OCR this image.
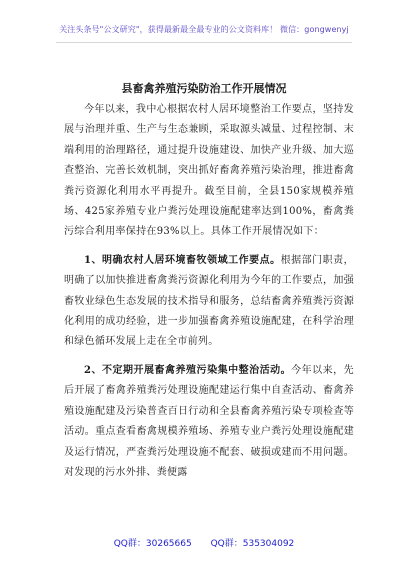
关注头条号"公文研究"，获得最新最全最专业的公文资料库！ 微信：gongwenyj
县畜禽养殖污染防治工作开展情况

今年以来，我中心根据农村人居环境整治工作要点，坚持发展与治理并重、生产与生态兼顾，采取源头减量、过程控制、末端利用的治理路径，通过提升设施建设、加快产业升级、加大巡查整治、完善长效机制，突出抓好畜禽养殖污染治理，推进畜禽粪污资源化利用水平再提升。截至目前，全县150家规模养殖场、425家养殖专业户粪污处理设施配建率达到100%，畜禽粪污综合利用率保持在93%以上。具体工作开展情况如下：

1、明确农村人居环境畜牧领域工作要点。根据部门职责，明确了以加快推进畜禽粪污资源化利用为今年的工作要点，加强畜牧业绿色生态发展的技术指导和服务，总结畜禽养殖粪污资源化利用的成功经验，进一步加强畜禽养殖设施配建，在科学治理和绿色循环发展上走在全市前列。

2、不定期开展畜禽养殖污染集中整治活动。今年以来，先后开展了畜禽养殖粪污处理设施配建运行集中自查活动、畜禽养殖设施配建及污染普查百日行动和全县畜禽养殖污染专项检查等活动。重点查看畜禽规模养殖场、养殖专业户粪污处理设施配建及运行情况，严查粪污处理设施不配套、破损或建而不用问题。对发现的污水外排、粪便露

QQ群：30265665 QQ群：535304092
